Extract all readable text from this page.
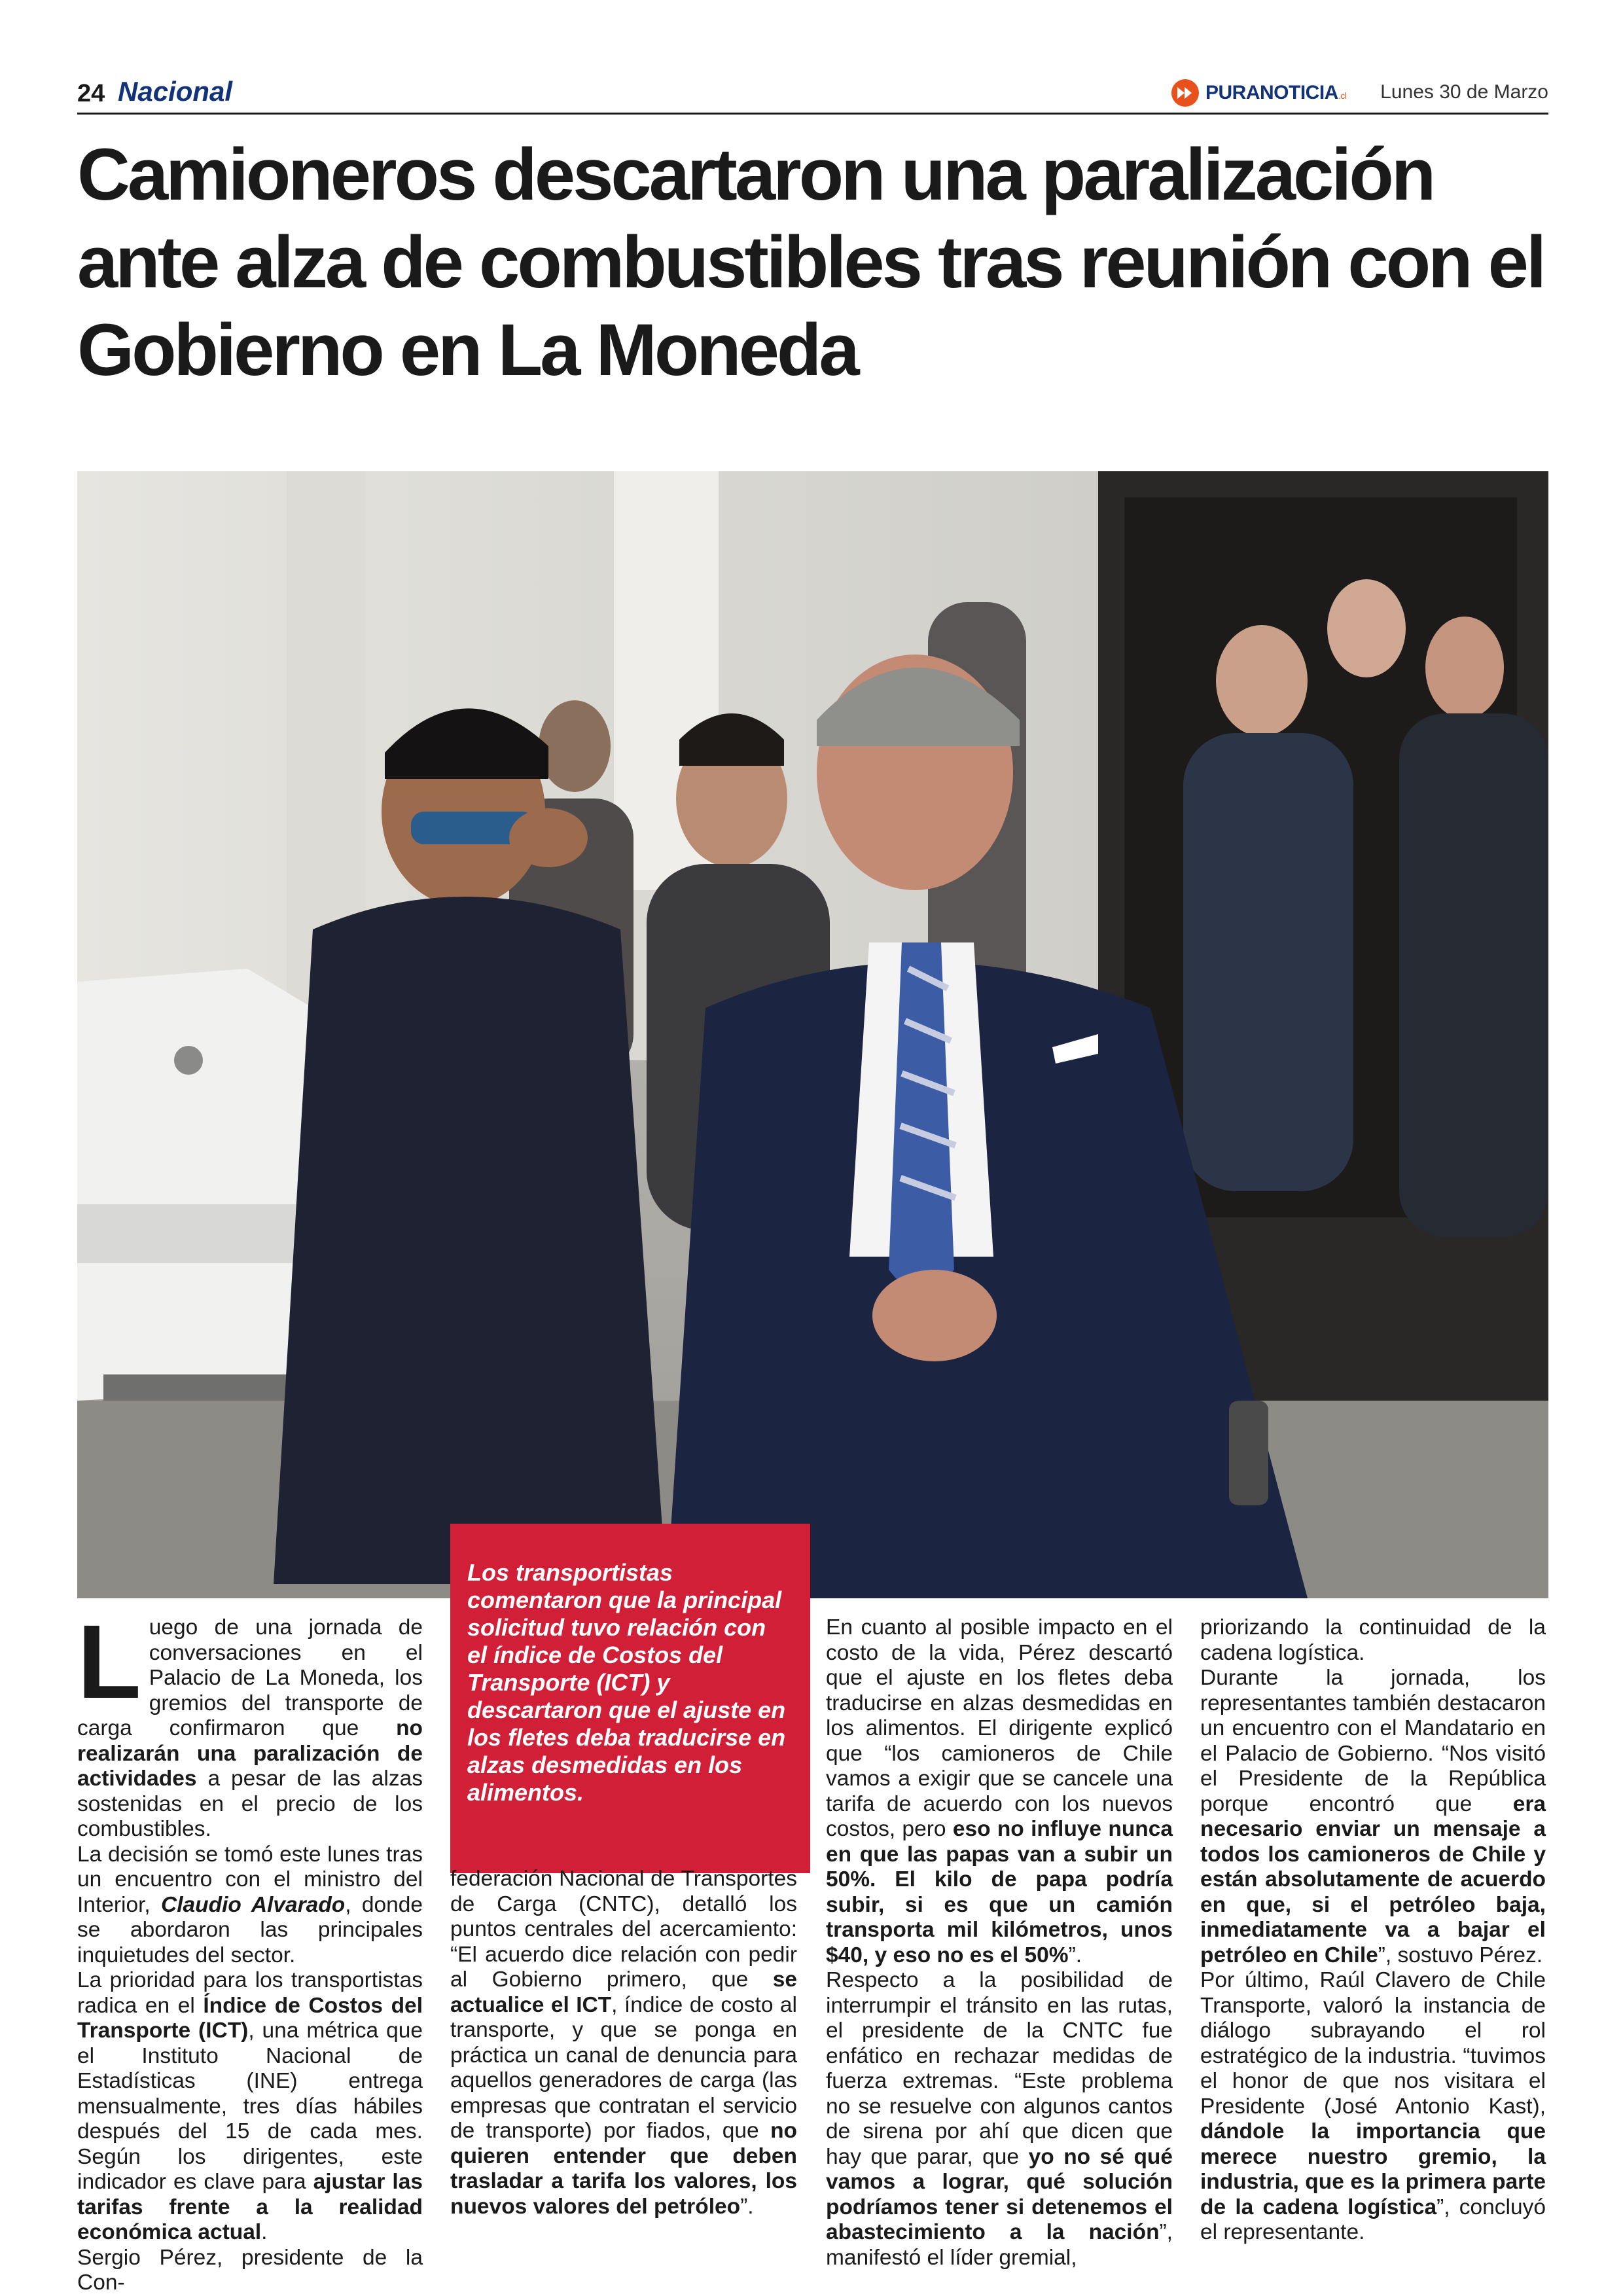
24 Nacional	PURANOTICIA.cl Lunes 30 de Marzo
Camioneros descartaron una paralización ante alza de combustibles tras reunión con el Gobierno en La Moneda
Los transportistas comentaron que la principal solicitud tuvo relación con el índice de Costos del Transporte (ICT) y descartaron que el ajuste en los fletes deba traducirse en alzas desmedidas en los alimentos.

Luego de una jornada de conversaciones en el Palacio de La Moneda, los gremios del transporte de carga confirmaron que no realizarán una paralización de actividades a pesar de las alzas sostenidas en el precio de los combustibles.

La decisión se tomó este lunes tras un encuentro con el ministro del Interior, Claudio Alvarado, donde se abordaron las principales inquietudes del sector.

La prioridad para los transportistas radica en el Índice de Costos del Transporte (ICT), una métrica que el Instituto Nacional de Estadísticas (INE) entrega mensualmente, tres días hábiles después del 15 de cada mes. Según los dirigentes, este indicador es clave para ajustar las tarifas frente a la realidad económica actual.

Sergio Pérez, presidente de la Con-

federación Nacional de Transportes de Carga (CNTC), detalló los puntos centrales del acercamiento: “El acuerdo dice relación con pedir al Gobierno primero, que se actualice el ICT, índice de costo al transporte, y que se ponga en práctica un canal de denuncia para aquellos generadores de carga (las empresas que contratan el servicio de transporte) por fiados, que no quieren entender que deben trasladar a tarifa los valores, los nuevos valores del petróleo”.

En cuanto al posible impacto en el costo de la vida, Pérez descartó que el ajuste en los fletes deba traducirse en alzas desmedidas en los alimentos. El dirigente explicó que “los camioneros de Chile vamos a exigir que se cancele una tarifa de acuerdo con los nuevos costos, pero eso no influye nunca en que las papas van a subir un 50%. El kilo de papa podría subir, si es que un camión transporta mil kilómetros, unos $40, y eso no es el 50%”.

Respecto a la posibilidad de interrumpir el tránsito en las rutas, el presidente de la CNTC fue enfático en rechazar medidas de fuerza extremas. “Este problema no se resuelve con algunos cantos de sirena por ahí que dicen que hay que parar, que yo no sé qué vamos a lograr, qué solución podríamos tener si detenemos el abastecimiento a la nación”, manifestó el líder gremial,

priorizando la continuidad de la cadena logística.

Durante la jornada, los representantes también destacaron un encuentro con el Mandatario en el Palacio de Gobierno. “Nos visitó el Presidente de la República porque encontró que era necesario enviar un mensaje a todos los camioneros de Chile y están absolutamente de acuerdo en que, si el petróleo baja, inmediatamente va a bajar el petróleo en Chile”, sostuvo Pérez.

Por último, Raúl Clavero de Chile Transporte, valoró la instancia de diálogo subrayando el rol estratégico de la industria. “tuvimos el honor de que nos visitara el Presidente (José Antonio Kast), dándole la importancia que merece nuestro gremio, la industria, que es la primera parte de la cadena logística”, concluyó el representante.
